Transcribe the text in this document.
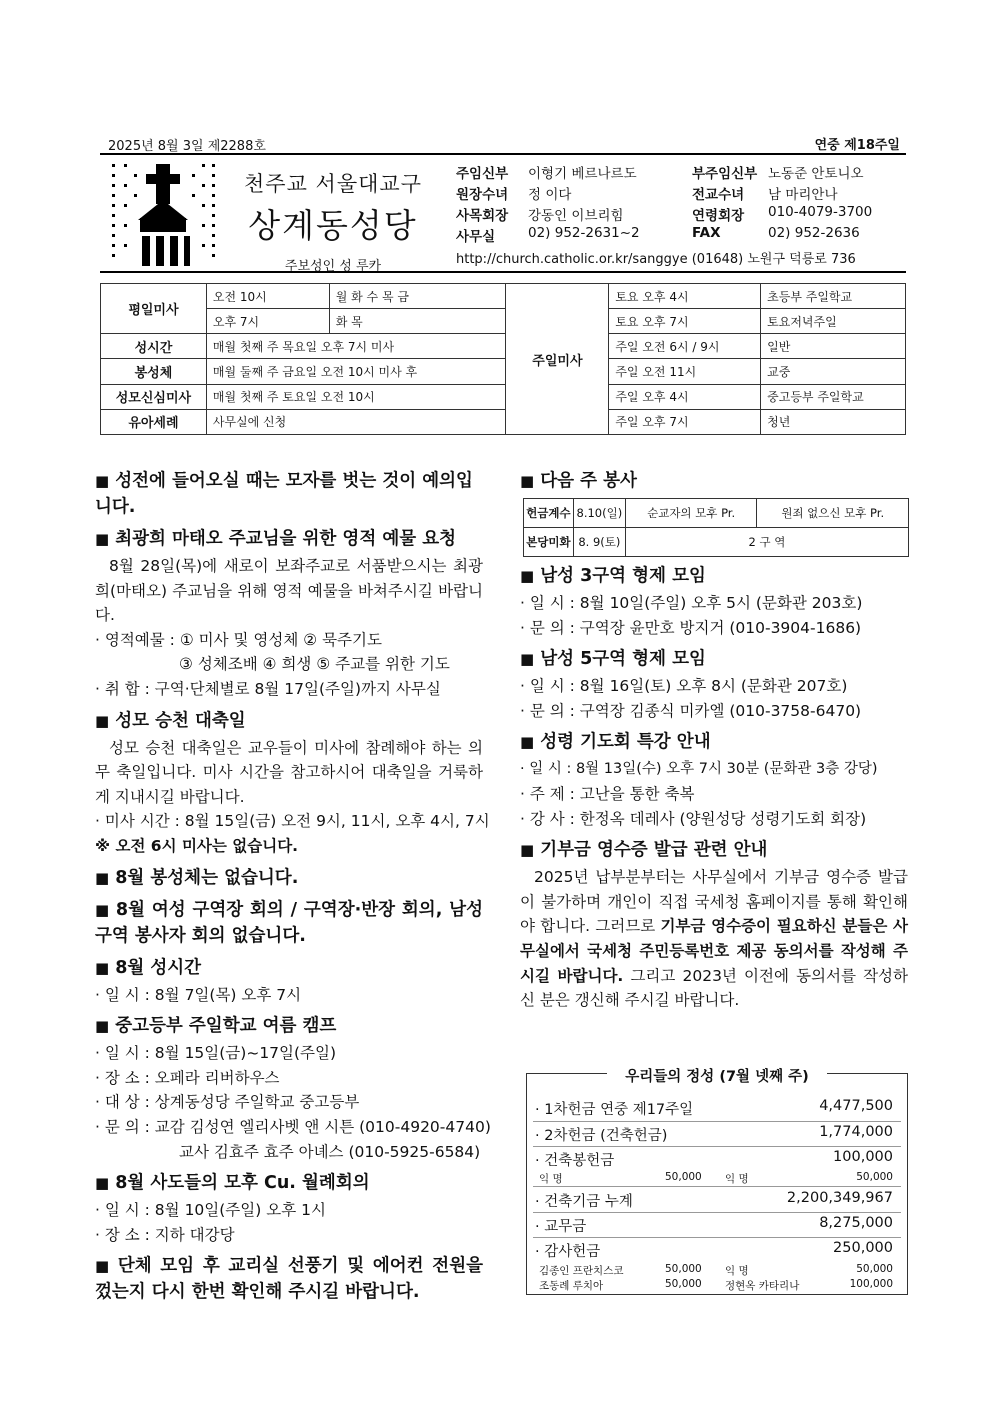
2025년 8월 3일 제2288호	연중 제18주일
천주교 서울대교구
상계동성당
주보성인 성 루카
주임신부 이형기 베르나르도	부주임신부 노동준 안토니오
원장수녀 정 이다	전교수녀 남 마리안나
사목회장 강동인 이브리힘	연령회장 010-4079-3700
사무실 02) 952-2631~2	FAX	02) 952-2636
http://church.catholic.or.kr/sanggye (01648) 노원구 덕릉로 736
평일미사	오전 10시	월 화 수 목 금	주일미사	토요 오후 4시	초등부 주일학교
	오후 7시	화 목		토요 오후 7시	토요저녁주일
성시간	매월 첫째 주 목요일 오후 7시 미사			주일 오전 6시 / 9시	일반
봉성체	매월 둘째 주 금요일 오전 10시 미사 후			주일 오전 11시	교중
성모신심미사	매월 첫째 주 토요일 오전 10시			주일 오후 4시	중고등부 주일학교
유아세례	사무실에 신청			주일 오후 7시	청년
■ 성전에 들어오실 때는 모자를 벗는 것이 예의입니다.
■ 최광희 마태오 주교님을 위한 영적 예물 요청
8월 28일(목)에 새로이 보좌주교로 서품받으시는 최광희(마태오) 주교님을 위해 영적 예물을 바쳐주시길 바랍니다.
· 영적예물 : ① 미사 및 영성체 ② 묵주기도
③ 성체조배 ④ 희생 ⑤ 주교를 위한 기도
· 취 합 : 구역·단체별로 8월 17일(주일)까지 사무실
■ 성모 승천 대축일
성모 승천 대축일은 교우들이 미사에 참례해야 하는 의무 축일입니다. 미사 시간을 참고하시어 대축일을 거룩하게 지내시길 바랍니다.
· 미사 시간 : 8월 15일(금) 오전 9시, 11시, 오후 4시, 7시
※ 오전 6시 미사는 없습니다.
■ 8월 봉성체는 없습니다.
■ 8월 여성 구역장 회의 / 구역장·반장 회의, 남성 구역 봉사자 회의 없습니다.
■ 8월 성시간
· 일 시 : 8월 7일(목) 오후 7시
■ 중고등부 주일학교 여름 캠프
· 일 시 : 8월 15일(금)~17일(주일)
· 장 소 : 오페라 리버하우스
· 대 상 : 상계동성당 주일학교 중고등부
· 문 의 : 교감 김성연 엘리사벳 앤 시튼 (010-4920-4740)
교사 김효주 효주 아녜스 (010-5925-6584)
■ 8월 사도들의 모후 Cu. 월례회의
· 일 시 : 8월 10일(주일) 오후 1시
· 장 소 : 지하 대강당
■ 단체 모임 후 교리실 선풍기 및 에어컨 전원을 껐는지 다시 한번 확인해 주시길 바랍니다.
■ 다음 주 봉사
헌금계수	8.10(일)	순교자의 모후 Pr.	원죄 없으신 모후 Pr.
본당미화	8. 9(토)	2 구 역	
■ 남성 3구역 형제 모임
· 일 시 : 8월 10일(주일) 오후 5시 (문화관 203호)
· 문 의 : 구역장 윤만호 방지거 (010-3904-1686)
■ 남성 5구역 형제 모임
· 일 시 : 8월 16일(토) 오후 8시 (문화관 207호)
· 문 의 : 구역장 김종식 미카엘 (010-3758-6470)
■ 성령 기도회 특강 안내
· 일 시 : 8월 13일(수) 오후 7시 30분 (문화관 3층 강당)
· 주 제 : 고난을 통한 축복
· 강 사 : 한정옥 데레사 (양원성당 성령기도회 회장)
■ 기부금 영수증 발급 관련 안내
2025년 납부분부터는 사무실에서 기부금 영수증 발급이 불가하며 개인이 직접 국세청 홈페이지를 통해 확인해야 합니다. 그러므로 기부금 영수증이 필요하신 분들은 사무실에서 국세청 주민등록번호 제공 동의서를 작성해 주시길 바랍니다. 그리고 2023년 이전에 동의서를 작성하신 분은 갱신해 주시길 바랍니다.
우리들의 정성 (7월 넷째 주)
· 1차헌금 연중 제17주일	4,477,500
· 2차헌금 (건축헌금)	1,774,000
· 건축봉헌금	100,000
익 명	50,000 익 명	50,000
· 건축기금 누계	2,200,349,967
· 교무금	8,275,000
· 감사헌금	250,000
김종인 프란치스코	50,000 익 명	50,000
조동례 루치아	50,000 정현옥 카타리나	100,000
